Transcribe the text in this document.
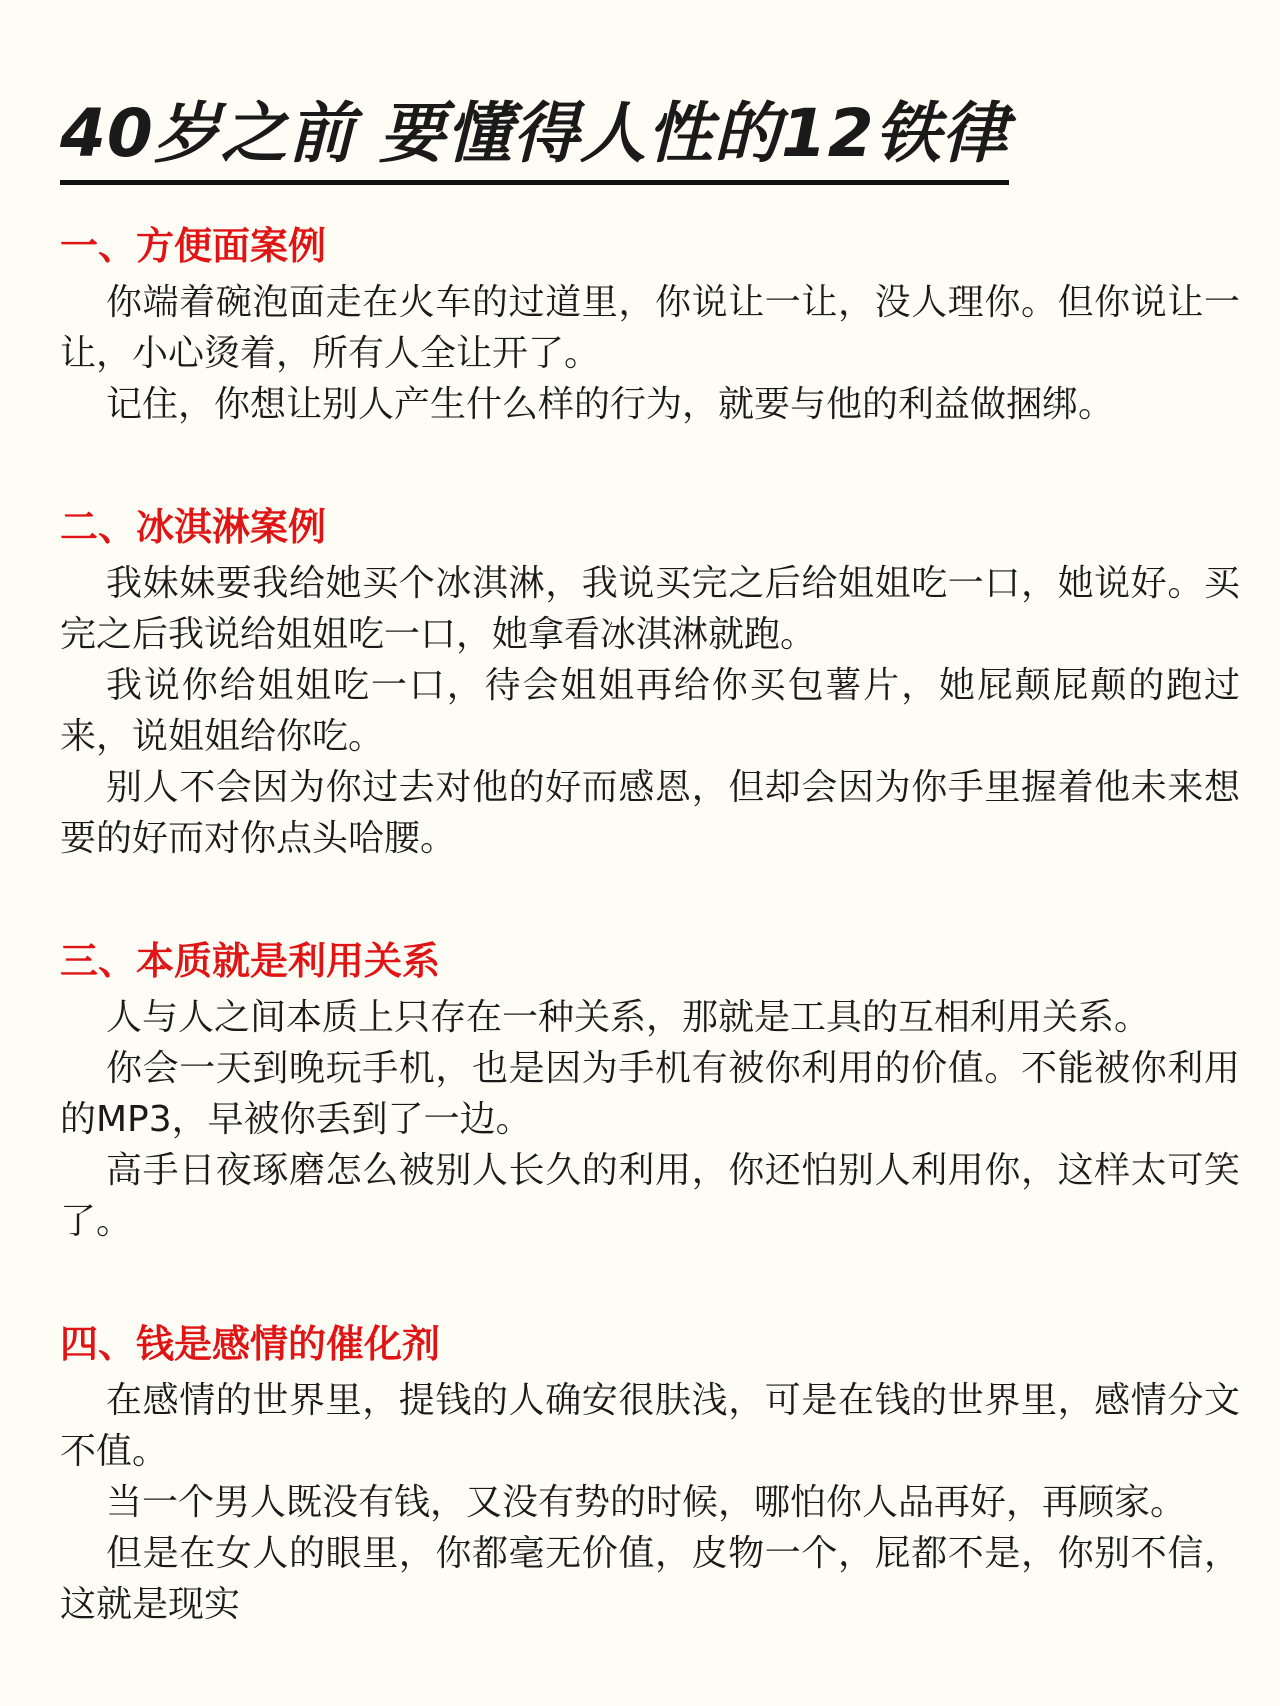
40岁之前 要懂得人性的12铁律
一、方便面案例

你端着碗泡面走在火车的过道里，你说让一让，没人理你。但你说让一让，小心烫着，所有人全让开了。

记住，你想让别人产生什么样的行为，就要与他的利益做捆绑。

二、冰淇淋案例

我妹妹要我给她买个冰淇淋，我说买完之后给姐姐吃一口，她说好。买完之后我说给姐姐吃一口，她拿看冰淇淋就跑。

我说你给姐姐吃一口，待会姐姐再给你买包薯片，她屁颠屁颠的跑过来，说姐姐给你吃。

别人不会因为你过去对他的好而感恩，但却会因为你手里握着他未来想要的好而对你点头哈腰。

三、本质就是利用关系

人与人之间本质上只存在一种关系，那就是工具的互相利用关系。

你会一天到晚玩手机，也是因为手机有被你利用的价值。不能被你利用的MP3，早被你丢到了一边。

高手日夜琢磨怎么被别人长久的利用，你还怕别人利用你，这样太可笑了。

四、钱是感情的催化剂

在感情的世界里，提钱的人确安很肤浅，可是在钱的世界里，感情分文不值。

当一个男人既没有钱，又没有势的时候，哪怕你人品再好，再顾家。

但是在女人的眼里，你都毫无价值，皮物一个，屁都不是，你别不信，这就是现实
